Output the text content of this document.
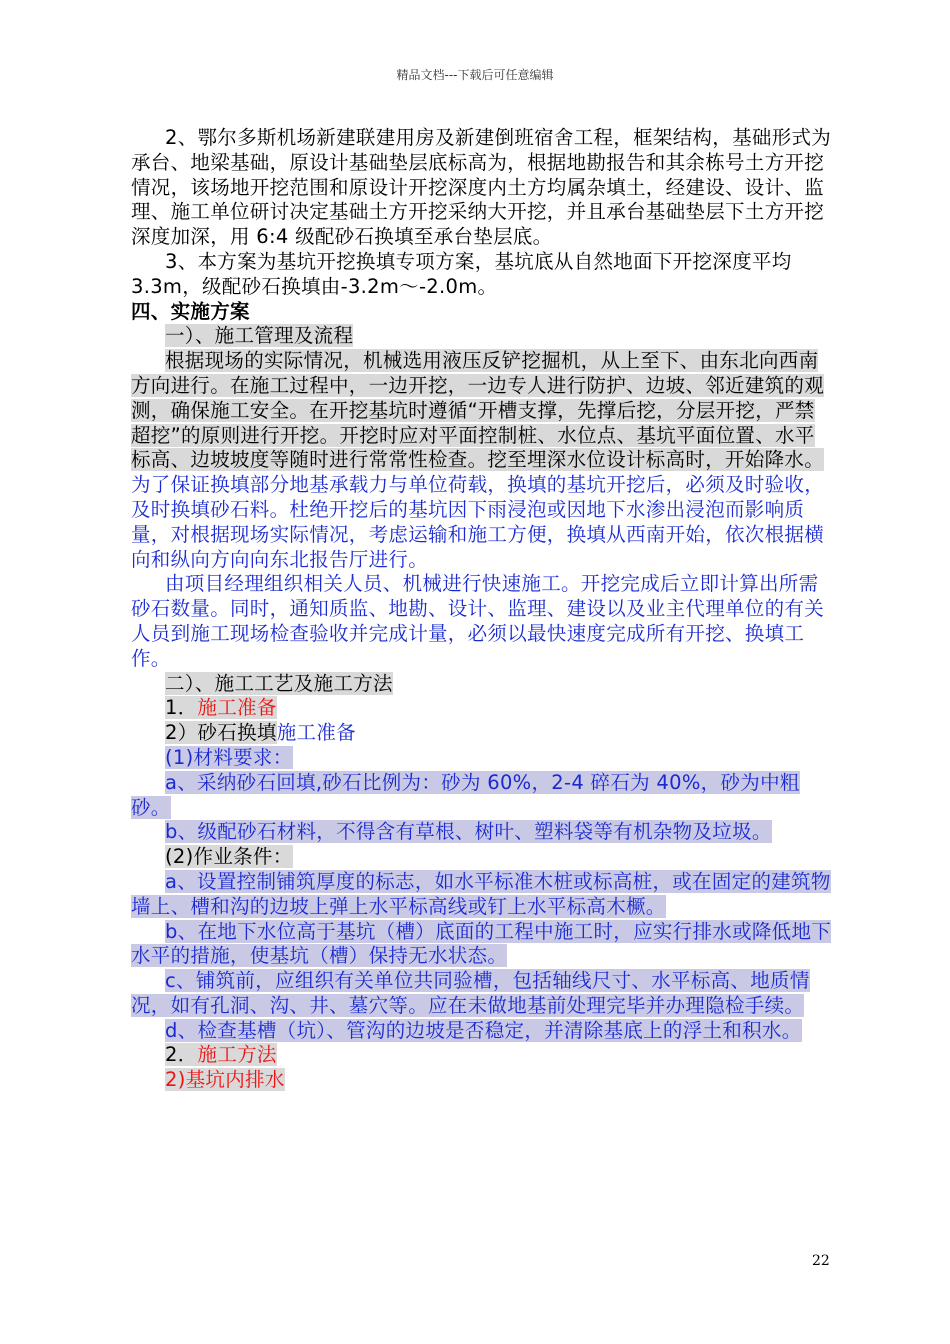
精品文档---下载后可任意编辑

2、鄂尔多斯机场新建联建用房及新建倒班宿舍工程，框架结构，基础形式为承台、地梁基础，原设计基础垫层底标高为，根据地勘报告和其余栋号土方开挖情况，该场地开挖范围和原设计开挖深度内土方均属杂填土，经建设、设计、监理、施工单位研讨决定基础土方开挖采纳大开挖，并且承台基础垫层下土方开挖深度加深，用 6:4 级配砂石换填至承台垫层底。

3、本方案为基坑开挖换填专项方案，基坑底从自然地面下开挖深度平均 3.3m，级配砂石换填由-3.2m～-2.0m。

四、实施方案

一）、施工管理及流程

根据现场的实际情况，机械选用液压反铲挖掘机，从上至下、由东北向西南方向进行。在施工过程中，一边开挖，一边专人进行防护、边坡、邻近建筑的观测，确保施工安全。在开挖基坑时遵循“开槽支撑，先撑后挖，分层开挖，严禁超挖”的原则进行开挖。开挖时应对平面控制桩、水位点、基坑平面位置、水平标高、边坡坡度等随时进行常常性检查。挖至埋深水位设计标高时，开始降水。为了保证换填部分地基承载力与单位荷载，换填的基坑开挖后，必须及时验收，及时换填砂石料。杜绝开挖后的基坑因下雨浸泡或因地下水渗出浸泡而影响质量，对根据现场实际情况，考虑运输和施工方便，换填从西南开始，依次根据横向和纵向方向向东北报告厅进行。

由项目经理组织相关人员、机械进行快速施工。开挖完成后立即计算出所需砂石数量。同时，通知质监、地勘、设计、监理、建设以及业主代理单位的有关人员到施工现场检查验收并完成计量，必须以最快速度完成所有开挖、换填工作。

二）、施工工艺及施工方法

1．施工准备

2）砂石换填施工准备

(1)材料要求：

a、采纳砂石回填,砂石比例为：砂为 60%，2-4 碎石为 40%，砂为中粗砂。

b、级配砂石材料，不得含有草根、树叶、塑料袋等有机杂物及垃圾。

(2)作业条件：

a、设置控制铺筑厚度的标志，如水平标准木桩或标高桩，或在固定的建筑物墙上、槽和沟的边坡上弹上水平标高线或钉上水平标高木橛。

b、在地下水位高于基坑（槽）底面的工程中施工时，应实行排水或降低地下水平的措施，使基坑（槽）保持无水状态。

c、铺筑前，应组织有关单位共同验槽，包括轴线尺寸、水平标高、地质情况，如有孔洞、沟、井、墓穴等。应在未做地基前处理完毕并办理隐检手续。

d、检查基槽（坑）、管沟的边坡是否稳定，并清除基底上的浮土和积水。

2．施工方法

2)基坑内排水

22
